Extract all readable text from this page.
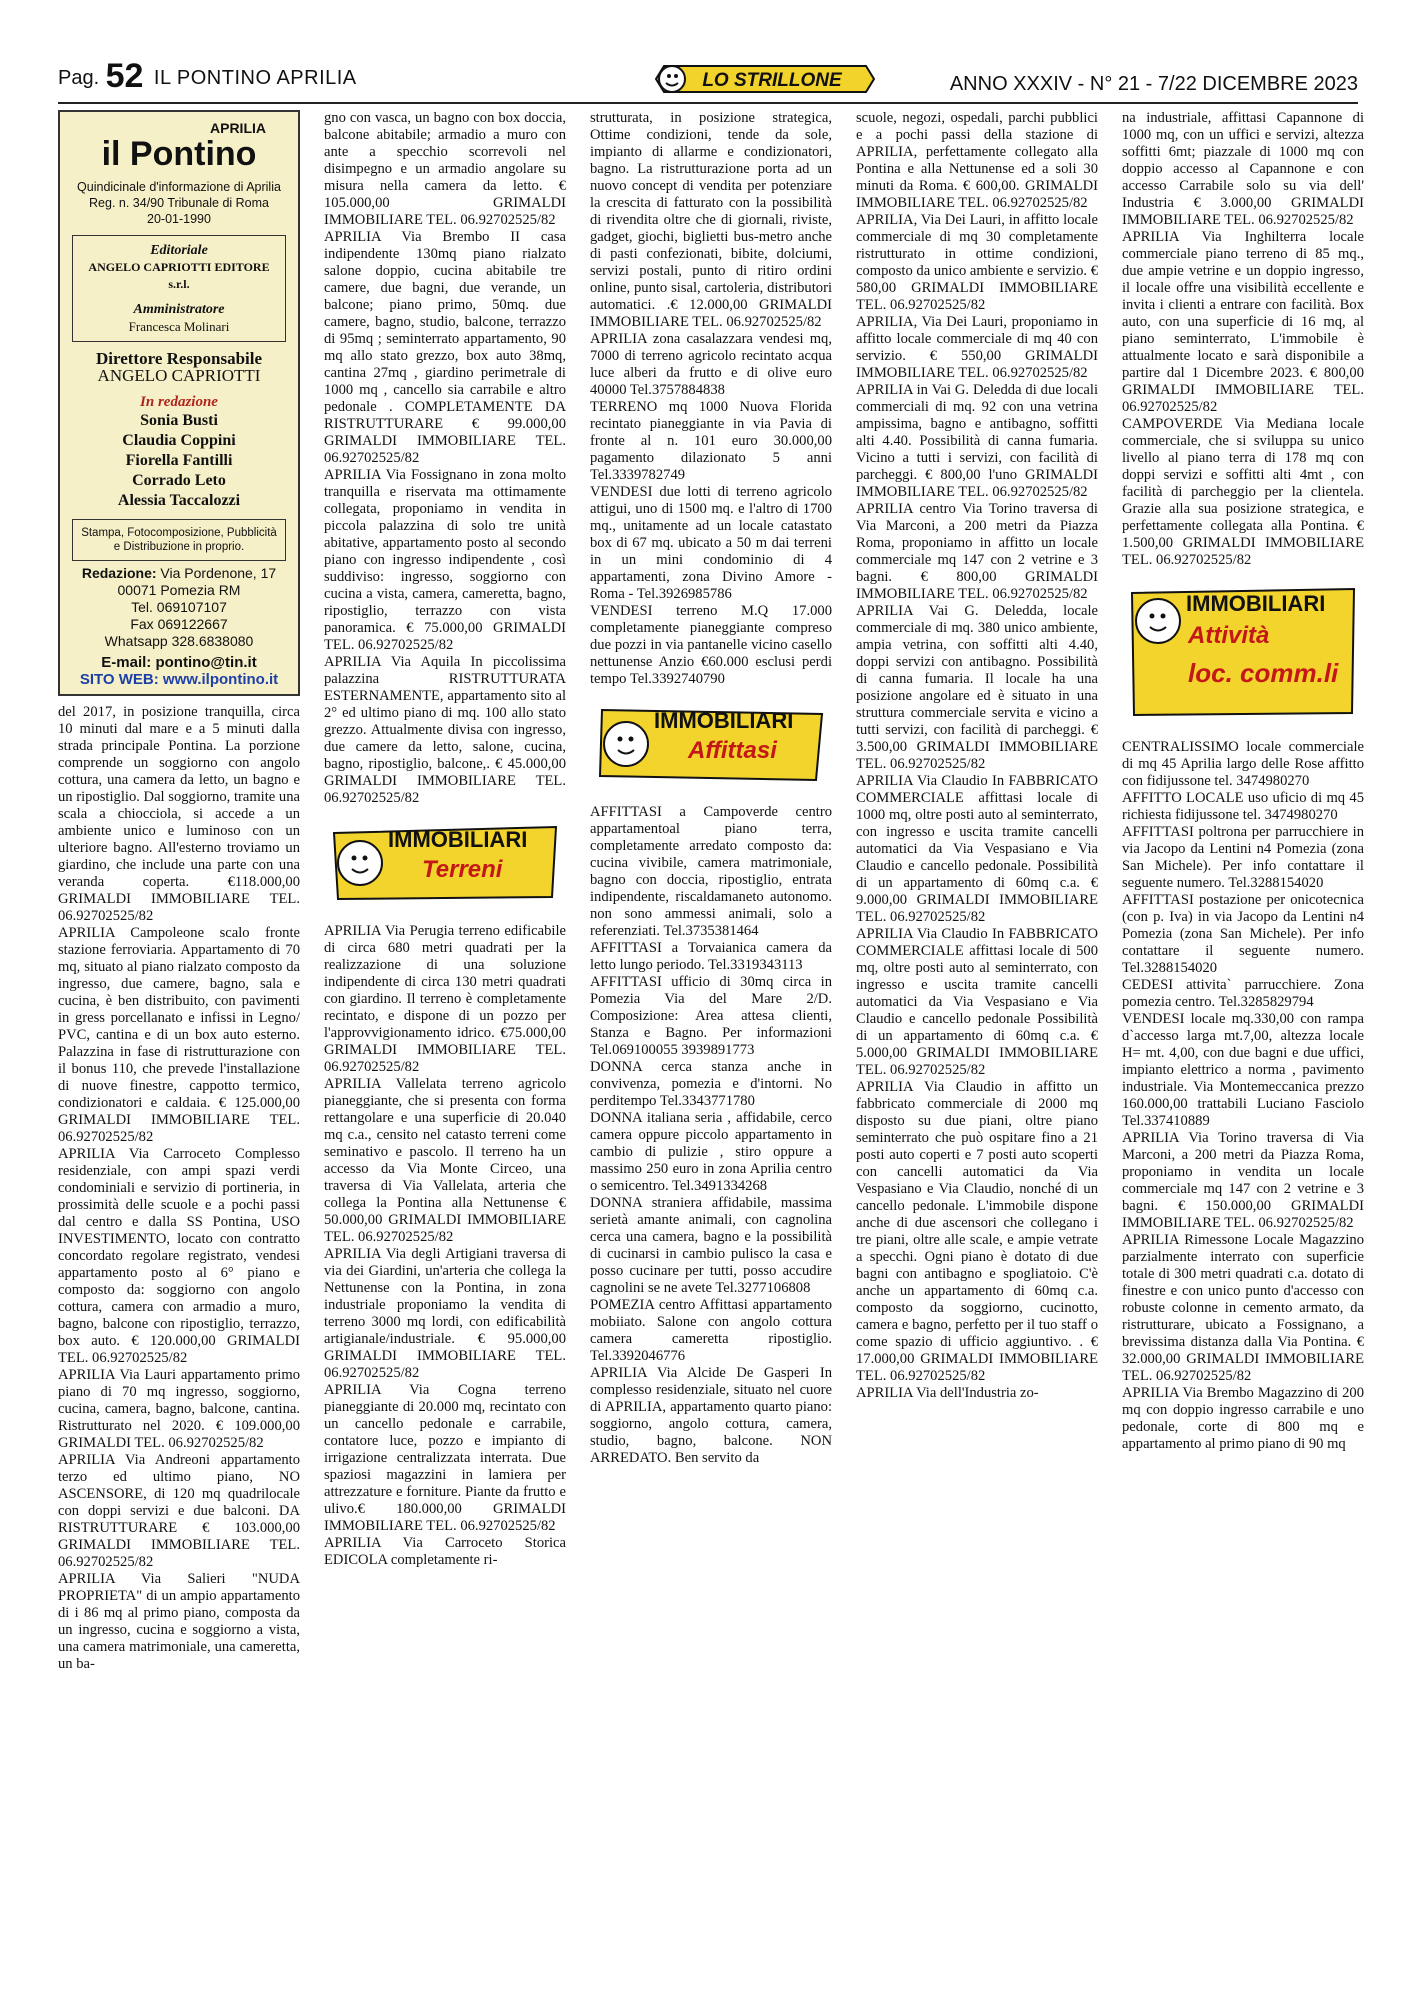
Pag. 52 IL PONTINO APRILIA	LO STRILLONE	ANNO XXXIV - N° 21 - 7/22 DICEMBRE 2023
APRILIA
il Pontino
Quindicinale d'informazione di Aprilia
Reg. n. 34/90 Tribunale di Roma
20-01-1990
Editoriale
ANGELO CAPRIOTTI EDITORE s.r.l.
Amministratore
Francesca Molinari
Direttore Responsabile
ANGELO CAPRIOTTI
In redazione
Sonia Busti
Claudia Coppini
Fiorella Fantilli
Corrado Leto
Alessia Taccalozzi
Stampa, Fotocomposizione, Pubblicità e Distribuzione in proprio.
Redazione: Via Pordenone, 17
00071 Pomezia RM
Tel. 069107107
Fax 069122667
Whatsapp 328.6838080
E-mail: pontino@tin.it
SITO WEB: www.ilpontino.it

del 2017, in posizione tranquilla, circa 10 minuti dal mare e a 5 minuti dalla strada principale Pontina. La porzione comprende un soggiorno con angolo cottura, una camera da letto, un bagno e un ripostiglio. Dal soggiorno, tramite una scala a chiocciola, si accede a un ambiente unico e luminoso con un ulteriore bagno. All'esterno troviamo un giardino, che include una parte con una veranda coperta. €118.000,00 GRIMALDI IMMOBILIARE TEL. 06.92702525/82

APRILIA Campoleone scalo fronte stazione ferroviaria. Appartamento di 70 mq, situato al piano rialzato composto da ingresso, due camere, bagno, sala e cucina, è ben distribuito, con pavimenti in gress porcellanato e infissi in Legno/ PVC, cantina e di un box auto esterno. Palazzina in fase di ristrutturazione con il bonus 110, che prevede l'installazione di nuove finestre, cappotto termico, condizionatori e caldaia. € 125.000,00 GRIMALDI IMMOBILIARE TEL. 06.92702525/82

APRILIA Via Carroceto Complesso residenziale, con ampi spazi verdi condominiali e servizio di portineria, in prossimità delle scuole e a pochi passi dal centro e dalla SS Pontina, USO INVESTIMENTO, locato con contratto concordato regolare registrato, vendesi appartamento posto al 6° piano e composto da: soggiorno con angolo cottura, camera con armadio a muro, bagno, balcone con ripostiglio, terrazzo, box auto. € 120.000,00 GRIMALDI TEL. 06.92702525/82

APRILIA Via Lauri appartamento primo piano di 70 mq ingresso, soggiorno, cucina, camera, bagno, balcone, cantina. Ristrutturato nel 2020. € 109.000,00 GRIMALDI TEL. 06.92702525/82

APRILIA Via Andreoni appartamento terzo ed ultimo piano, NO ASCENSORE, di 120 mq quadrilocale con doppi servizi e due balconi. DA RISTRUTTURARE € 103.000,00 GRIMALDI IMMOBILIARE TEL. 06.92702525/82

APRILIA Via Salieri "NUDA PROPRIETA" di un ampio appartamento di i 86 mq al primo piano, composta da un ingresso, cucina e soggiorno a vista, una camera matrimoniale, una cameretta, un ba-

gno con vasca, un bagno con box doccia, balcone abitabile; armadio a muro con ante a specchio scorrevoli nel disimpegno e un armadio angolare su misura nella camera da letto. € 105.000,00 GRIMALDI IMMOBILIARE TEL. 06.92702525/82

APRILIA Via Brembo II casa indipendente 130mq piano rialzato salone doppio, cucina abitabile tre camere, due bagni, due verande, un balcone; piano primo, 50mq. due camere, bagno, studio, balcone, terrazzo di 95mq ; seminterrato appartamento, 90 mq allo stato grezzo, box auto 38mq, cantina 27mq , giardino perimetrale di 1000 mq , cancello sia carrabile e altro pedonale . COMPLETAMENTE DA RISTRUTTURARE € 99.000,00 GRIMALDI IMMOBILIARE TEL. 06.92702525/82

APRILIA Via Fossignano in zona molto tranquilla e riservata ma ottimamente collegata, proponiamo in vendita in piccola palazzina di solo tre unità abitative, appartamento posto al secondo piano con ingresso indipendente , così suddiviso: ingresso, soggiorno con cucina a vista, camera, cameretta, bagno, ripostiglio, terrazzo con vista panoramica. € 75.000,00 GRIMALDI TEL. 06.92702525/82

APRILIA Via Aquila In piccolissima palazzina RISTRUTTURATA ESTERNAMENTE, appartamento sito al 2° ed ultimo piano di mq. 100 allo stato grezzo. Attualmente divisa con ingresso, due camere da letto, salone, cucina, bagno, ripostiglio, balcone,. € 45.000,00 GRIMALDI IMMOBILIARE TEL. 06.92702525/82

IMMOBILIARI
Terreni

APRILIA Via Perugia terreno edificabile di circa 680 metri quadrati per la realizzazione di una soluzione indipendente di circa 130 metri quadrati con giardino. Il terreno è completamente recintato, e dispone di un pozzo per l'approvvigionamento idrico. €75.000,00 GRIMALDI IMMOBILIARE TEL. 06.92702525/82

APRILIA Vallelata terreno agricolo pianeggiante, che si presenta con forma rettangolare e una superficie di 20.040 mq c.a., censito nel catasto terreni come seminativo e pascolo. Il terreno ha un accesso da Via Monte Circeo, una traversa di Via Vallelata, arteria che collega la Pontina alla Nettunense € 50.000,00 GRIMALDI IMMOBILIARE TEL. 06.92702525/82

APRILIA Via degli Artigiani traversa di via dei Giardini, un'arteria che collega la Nettunense con la Pontina, in zona industriale proponiamo la vendita di terreno 3000 mq lordi, con edificabilità artigianale/industriale. € 95.000,00 GRIMALDI IMMOBILIARE TEL. 06.92702525/82

APRILIA Via Cogna terreno pianeggiante di 20.000 mq, recintato con un cancello pedonale e carrabile, contatore luce, pozzo e impianto di irrigazione centralizzata interrata. Due spaziosi magazzini in lamiera per attrezzature e forniture. Piante da frutto e ulivo.€ 180.000,00 GRIMALDI IMMOBILIARE TEL. 06.92702525/82

APRILIA Via Carroceto Storica EDICOLA completamente ri-

strutturata, in posizione strategica, Ottime condizioni, tende da sole, impianto di allarme e condizionatori, bagno. La ristrutturazione porta ad un nuovo concept di vendita per potenziare la crescita di fatturato con la possibilità di rivendita oltre che di giornali, riviste, gadget, giochi, biglietti bus-metro anche di pasti confezionati, bibite, dolciumi, servizi postali, punto di ritiro ordini online, punto sisal, cartoleria, distributori automatici. .€ 12.000,00 GRIMALDI IMMOBILIARE TEL. 06.92702525/82

APRILIA zona casalazzara vendesi mq, 7000 di terreno agricolo recintato acqua luce alberi da frutto e di olive euro 40000 Tel.3757884838

TERRENO mq 1000 Nuova Florida recintato pianeggiante in via Pavia di fronte al n. 101 euro 30.000,00 pagamento dilazionato 5 anni Tel.3339782749

VENDESI due lotti di terreno agricolo attigui, uno di 1500 mq. e l'altro di 1700 mq., unitamente ad un locale catastato box di 67 mq. ubicato a 50 m dai terreni in un mini condominio di 4 appartamenti, zona Divino Amore - Roma - Tel.3926985786

VENDESI terreno M.Q 17.000 completamente pianeggiante compreso due pozzi in via pantanelle vicino casello nettunense Anzio €60.000 esclusi perdi tempo Tel.3392740790

IMMOBILIARI
Affittasi

AFFITTASI a Campoverde centro appartamentoal piano terra, completamente arredato composto da: cucina vivibile, camera matrimoniale, bagno con doccia, ripostiglio, entrata indipendente, riscaldamaneto autonomo. non sono ammessi animali, solo a referenziati. Tel.3735381464

AFFITTASI a Torvaianica camera da letto lungo periodo. Tel.3319343113

AFFITTASI ufficio di 30mq circa in Pomezia Via del Mare 2/D. Composizione: Area attesa clienti, Stanza e Bagno. Per informazioni Tel.069100055 3939891773

DONNA cerca stanza anche in convivenza, pomezia e d'intorni. No perditempo Tel.3343771780

DONNA italiana seria , affidabile, cerco camera oppure piccolo appartamento in cambio di pulizie , stiro oppure a massimo 250 euro in zona Aprilia centro o semicentro. Tel.3491334268

DONNA straniera affidabile, massima serietà amante animali, con cagnolina cerca una camera, bagno e la possibilità di cucinarsi in cambio pulisco la casa e posso cucinare per tutti, posso accudire cagnolini se ne avete Tel.3277106808

POMEZIA centro Affittasi appartamento mobiiato. Salone con angolo cottura camera cameretta ripostiglio. Tel.3392046776

APRILIA Via Alcide De Gasperi In complesso residenziale, situato nel cuore di APRILIA, appartamento quarto piano: soggiorno, angolo cottura, camera, studio, bagno, balcone. NON ARREDATO. Ben servito da

scuole, negozi, ospedali, parchi pubblici e a pochi passi della stazione di APRILIA, perfettamente collegato alla Pontina e alla Nettunense ed a soli 30 minuti da Roma. € 600,00. GRIMALDI IMMOBILIARE TEL. 06.92702525/82

APRILIA, Via Dei Lauri, in affitto locale commerciale di mq 30 completamente ristrutturato in ottime condizioni, composto da unico ambiente e servizio. € 580,00 GRIMALDI IMMOBILIARE TEL. 06.92702525/82

APRILIA, Via Dei Lauri, proponiamo in affitto locale commerciale di mq 40 con servizio. € 550,00 GRIMALDI IMMOBILIARE TEL. 06.92702525/82

APRILIA in Vai G. Deledda di due locali commerciali di mq. 92 con una vetrina ampissima, bagno e antibagno, soffitti alti 4.40. Possibilità di canna fumaria. Vicino a tutti i servizi, con facilità di parcheggi. € 800,00 l'uno GRIMALDI IMMOBILIARE TEL. 06.92702525/82

APRILIA centro Via Torino traversa di Via Marconi, a 200 metri da Piazza Roma, proponiamo in affitto un locale commerciale mq 147 con 2 vetrine e 3 bagni. € 800,00 GRIMALDI IMMOBILIARE TEL. 06.92702525/82

APRILIA Vai G. Deledda, locale commerciale di mq. 380 unico ambiente, ampia vetrina, con soffitti alti 4.40, doppi servizi con antibagno. Possibilità di canna fumaria. Il locale ha una posizione angolare ed è situato in una struttura commerciale servita e vicino a tutti servizi, con facilità di parcheggi. € 3.500,00 GRIMALDI IMMOBILIARE TEL. 06.92702525/82

APRILIA Via Claudio In FABBRICATO COMMERCIALE affittasi locale di 1000 mq, oltre posti auto al seminterrato, con ingresso e uscita tramite cancelli automatici da Via Vespasiano e Via Claudio e cancello pedonale. Possibilità di un appartamento di 60mq c.a. € 9.000,00 GRIMALDI IMMOBILIARE TEL. 06.92702525/82

APRILIA Via Claudio In FABBRICATO COMMERCIALE affittasi locale di 500 mq, oltre posti auto al seminterrato, con ingresso e uscita tramite cancelli automatici da Via Vespasiano e Via Claudio e cancello pedonale Possibilità di un appartamento di 60mq c.a. € 5.000,00 GRIMALDI IMMOBILIARE TEL. 06.92702525/82

APRILIA Via Claudio in affitto un fabbricato commerciale di 2000 mq disposto su due piani, oltre piano seminterrato che può ospitare fino a 21 posti auto coperti e 7 posti auto scoperti con cancelli automatici da Via Vespasiano e Via Claudio, nonché di un cancello pedonale. L'immobile dispone anche di due ascensori che collegano i tre piani, oltre alle scale, e ampie vetrate a specchi. Ogni piano è dotato di due bagni con antibagno e spogliatoio. C'è anche un appartamento di 60mq c.a. composto da soggiorno, cucinotto, camera e bagno, perfetto per il tuo staff o come spazio di ufficio aggiuntivo. . € 17.000,00 GRIMALDI IMMOBILIARE TEL. 06.92702525/82

APRILIA Via dell'Industria zo-

na industriale, affittasi Capannone di 1000 mq, con un uffici e servizi, altezza soffitti 6mt; piazzale di 1000 mq con doppio accesso al Capannone e con accesso Carrabile solo su via dell' Industria € 3.000,00 GRIMALDI IMMOBILIARE TEL. 06.92702525/82

APRILIA Via Inghilterra locale commerciale piano terreno di 85 mq., due ampie vetrine e un doppio ingresso, il locale offre una visibilità eccellente e invita i clienti a entrare con facilità. Box auto, con una superficie di 16 mq, al piano seminterrato, L'immobile è attualmente locato e sarà disponibile a partire dal 1 Dicembre 2023. € 800,00 GRIMALDI IMMOBILIARE TEL. 06.92702525/82

CAMPOVERDE Via Mediana locale commerciale, che si sviluppa su unico livello al piano terra di 178 mq con doppi servizi e soffitti alti 4mt , con facilità di parcheggio per la clientela. Grazie alla sua posizione strategica, e perfettamente collegata alla Pontina. € 1.500,00 GRIMALDI IMMOBILIARE TEL. 06.92702525/82

IMMOBILIARI
Attività
loc. comm.li

CENTRALISSIMO locale commerciale di mq 45 Aprilia largo delle Rose affitto con fidijussone tel. 3474980270

AFFITTO LOCALE uso uficio di mq 45 richiesta fidijussone tel. 3474980270

AFFITTASI poltrona per parrucchiere in via Jacopo da Lentini n4 Pomezia (zona San Michele). Per info contattare il seguente numero. Tel.3288154020

AFFITTASI postazione per onicotecnica (con p. Iva) in via Jacopo da Lentini n4 Pomezia (zona San Michele). Per info contattare il seguente numero. Tel.3288154020

CEDESI attivita` parrucchiere. Zona pomezia centro. Tel.3285829794

VENDESI locale mq.330,00 con rampa d`accesso larga mt.7,00, altezza locale H= mt. 4,00, con due bagni e due uffici, impianto elettrico a norma , pavimento industriale. Via Montemeccanica prezzo 160.000,00 trattabili Luciano Fasciolo Tel.337410889

APRILIA Via Torino traversa di Via Marconi, a 200 metri da Piazza Roma, proponiamo in vendita un locale commerciale mq 147 con 2 vetrine e 3 bagni. € 150.000,00 GRIMALDI IMMOBILIARE TEL. 06.92702525/82

APRILIA Rimessone Locale Magazzino parzialmente interrato con superficie totale di 300 metri quadrati c.a. dotato di finestre e con unico punto d'accesso con robuste colonne in cemento armato, da ristrutturare, ubicato a Fossignano, a brevissima distanza dalla Via Pontina. € 32.000,00 GRIMALDI IMMOBILIARE TEL. 06.92702525/82

APRILIA Via Brembo Magazzino di 200 mq con doppio ingresso carrabile e uno pedonale, corte di 800 mq e appartamento al primo piano di 90 mq
